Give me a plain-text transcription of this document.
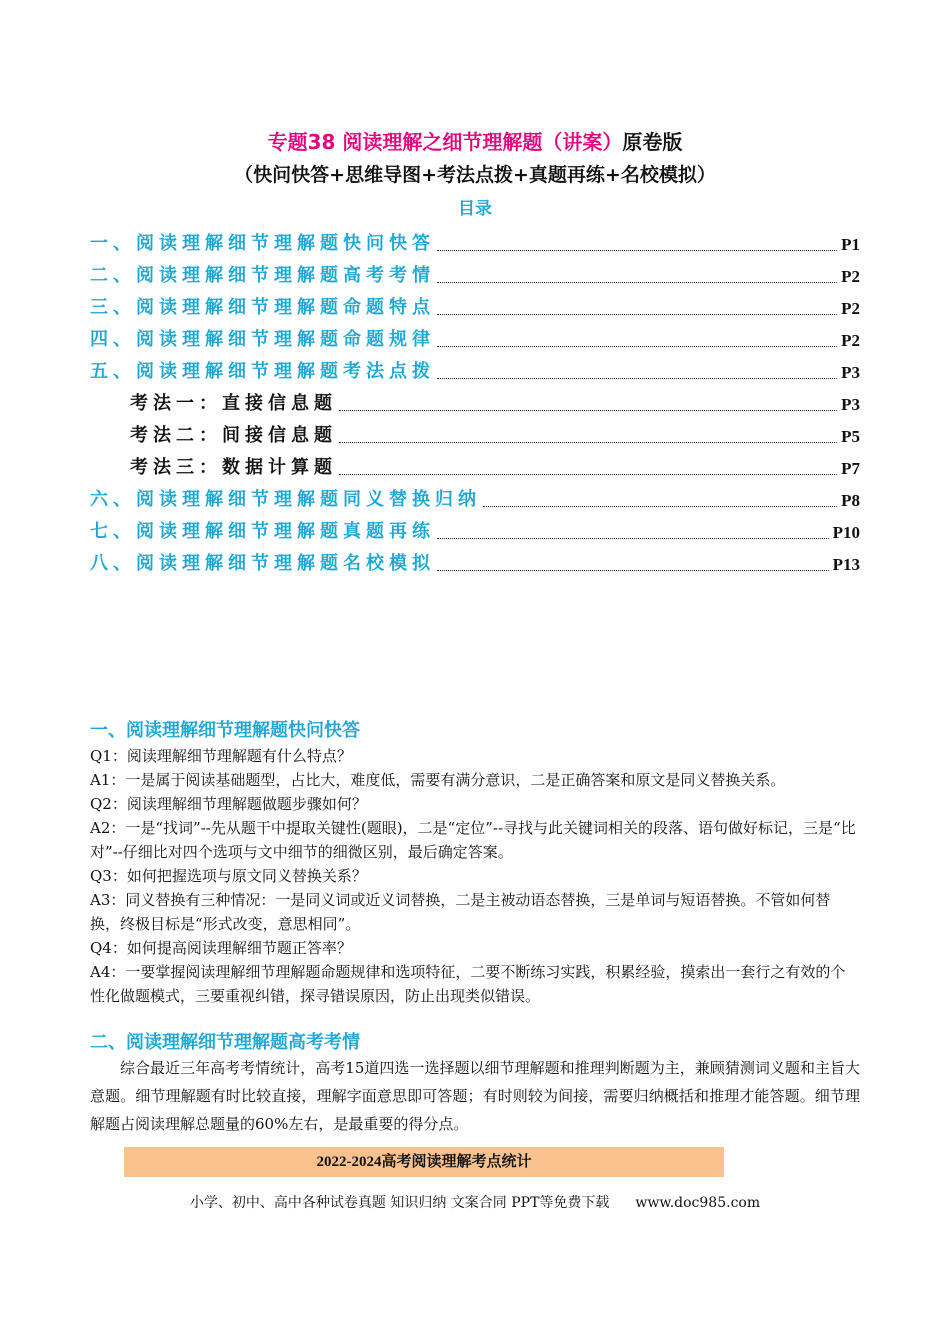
专题38 阅读理解之细节理解题（讲案）原卷版
（快问快答+思维导图+考法点拨+真题再练+名校模拟）
目录
一、阅读理解细节理解题快问快答	P1
二、阅读理解细节理解题高考考情	P2
三、阅读理解细节理解题命题特点	P2
四、阅读理解细节理解题命题规律	P2
五、阅读理解细节理解题考法点拨	P3
考法一：直接信息题	P3
考法二：间接信息题	P5
考法三：数据计算题	P7
六、阅读理解细节理解题同义替换归纳	P8
七、阅读理解细节理解题真题再练	P10
八、阅读理解细节理解题名校模拟	P13
一、阅读理解细节理解题快问快答

Q1：阅读理解细节理解题有什么特点？

A1：一是属于阅读基础题型，占比大，难度低，需要有满分意识，二是正确答案和原文是同义替换关系。

Q2：阅读理解细节理解题做题步骤如何？

A2：一是“找词”--先从题干中提取关键性(题眼)，二是“定位”--寻找与此关键词相关的段落、语句做好标记，三是“比对”--仔细比对四个选项与文中细节的细微区别，最后确定答案。

Q3：如何把握选项与原文同义替换关系？

A3：同义替换有三种情况：一是同义词或近义词替换，二是主被动语态替换，三是单词与短语替换。不管如何替换，终极目标是“形式改变，意思相同”。

Q4：如何提高阅读理解细节题正答率？

A4：一要掌握阅读理解细节理解题命题规律和选项特征，二要不断练习实践，积累经验，摸索出一套行之有效的个性化做题模式，三要重视纠错，探寻错误原因，防止出现类似错误。

二、阅读理解细节理解题高考考情

综合最近三年高考考情统计，高考15道四选一选择题以细节理解题和推理判断题为主，兼顾猜测词义题和主旨大意题。细节理解题有时比较直接，理解字面意思即可答题；有时则较为间接，需要归纳概括和推理才能答题。细节理解题占阅读理解总题量的60%左右，是最重要的得分点。

2022-2024高考阅读理解考点统计
小学、初中、高中各种试卷真题 知识归纳 文案合同 PPT等免费下载 www.doc985.com
